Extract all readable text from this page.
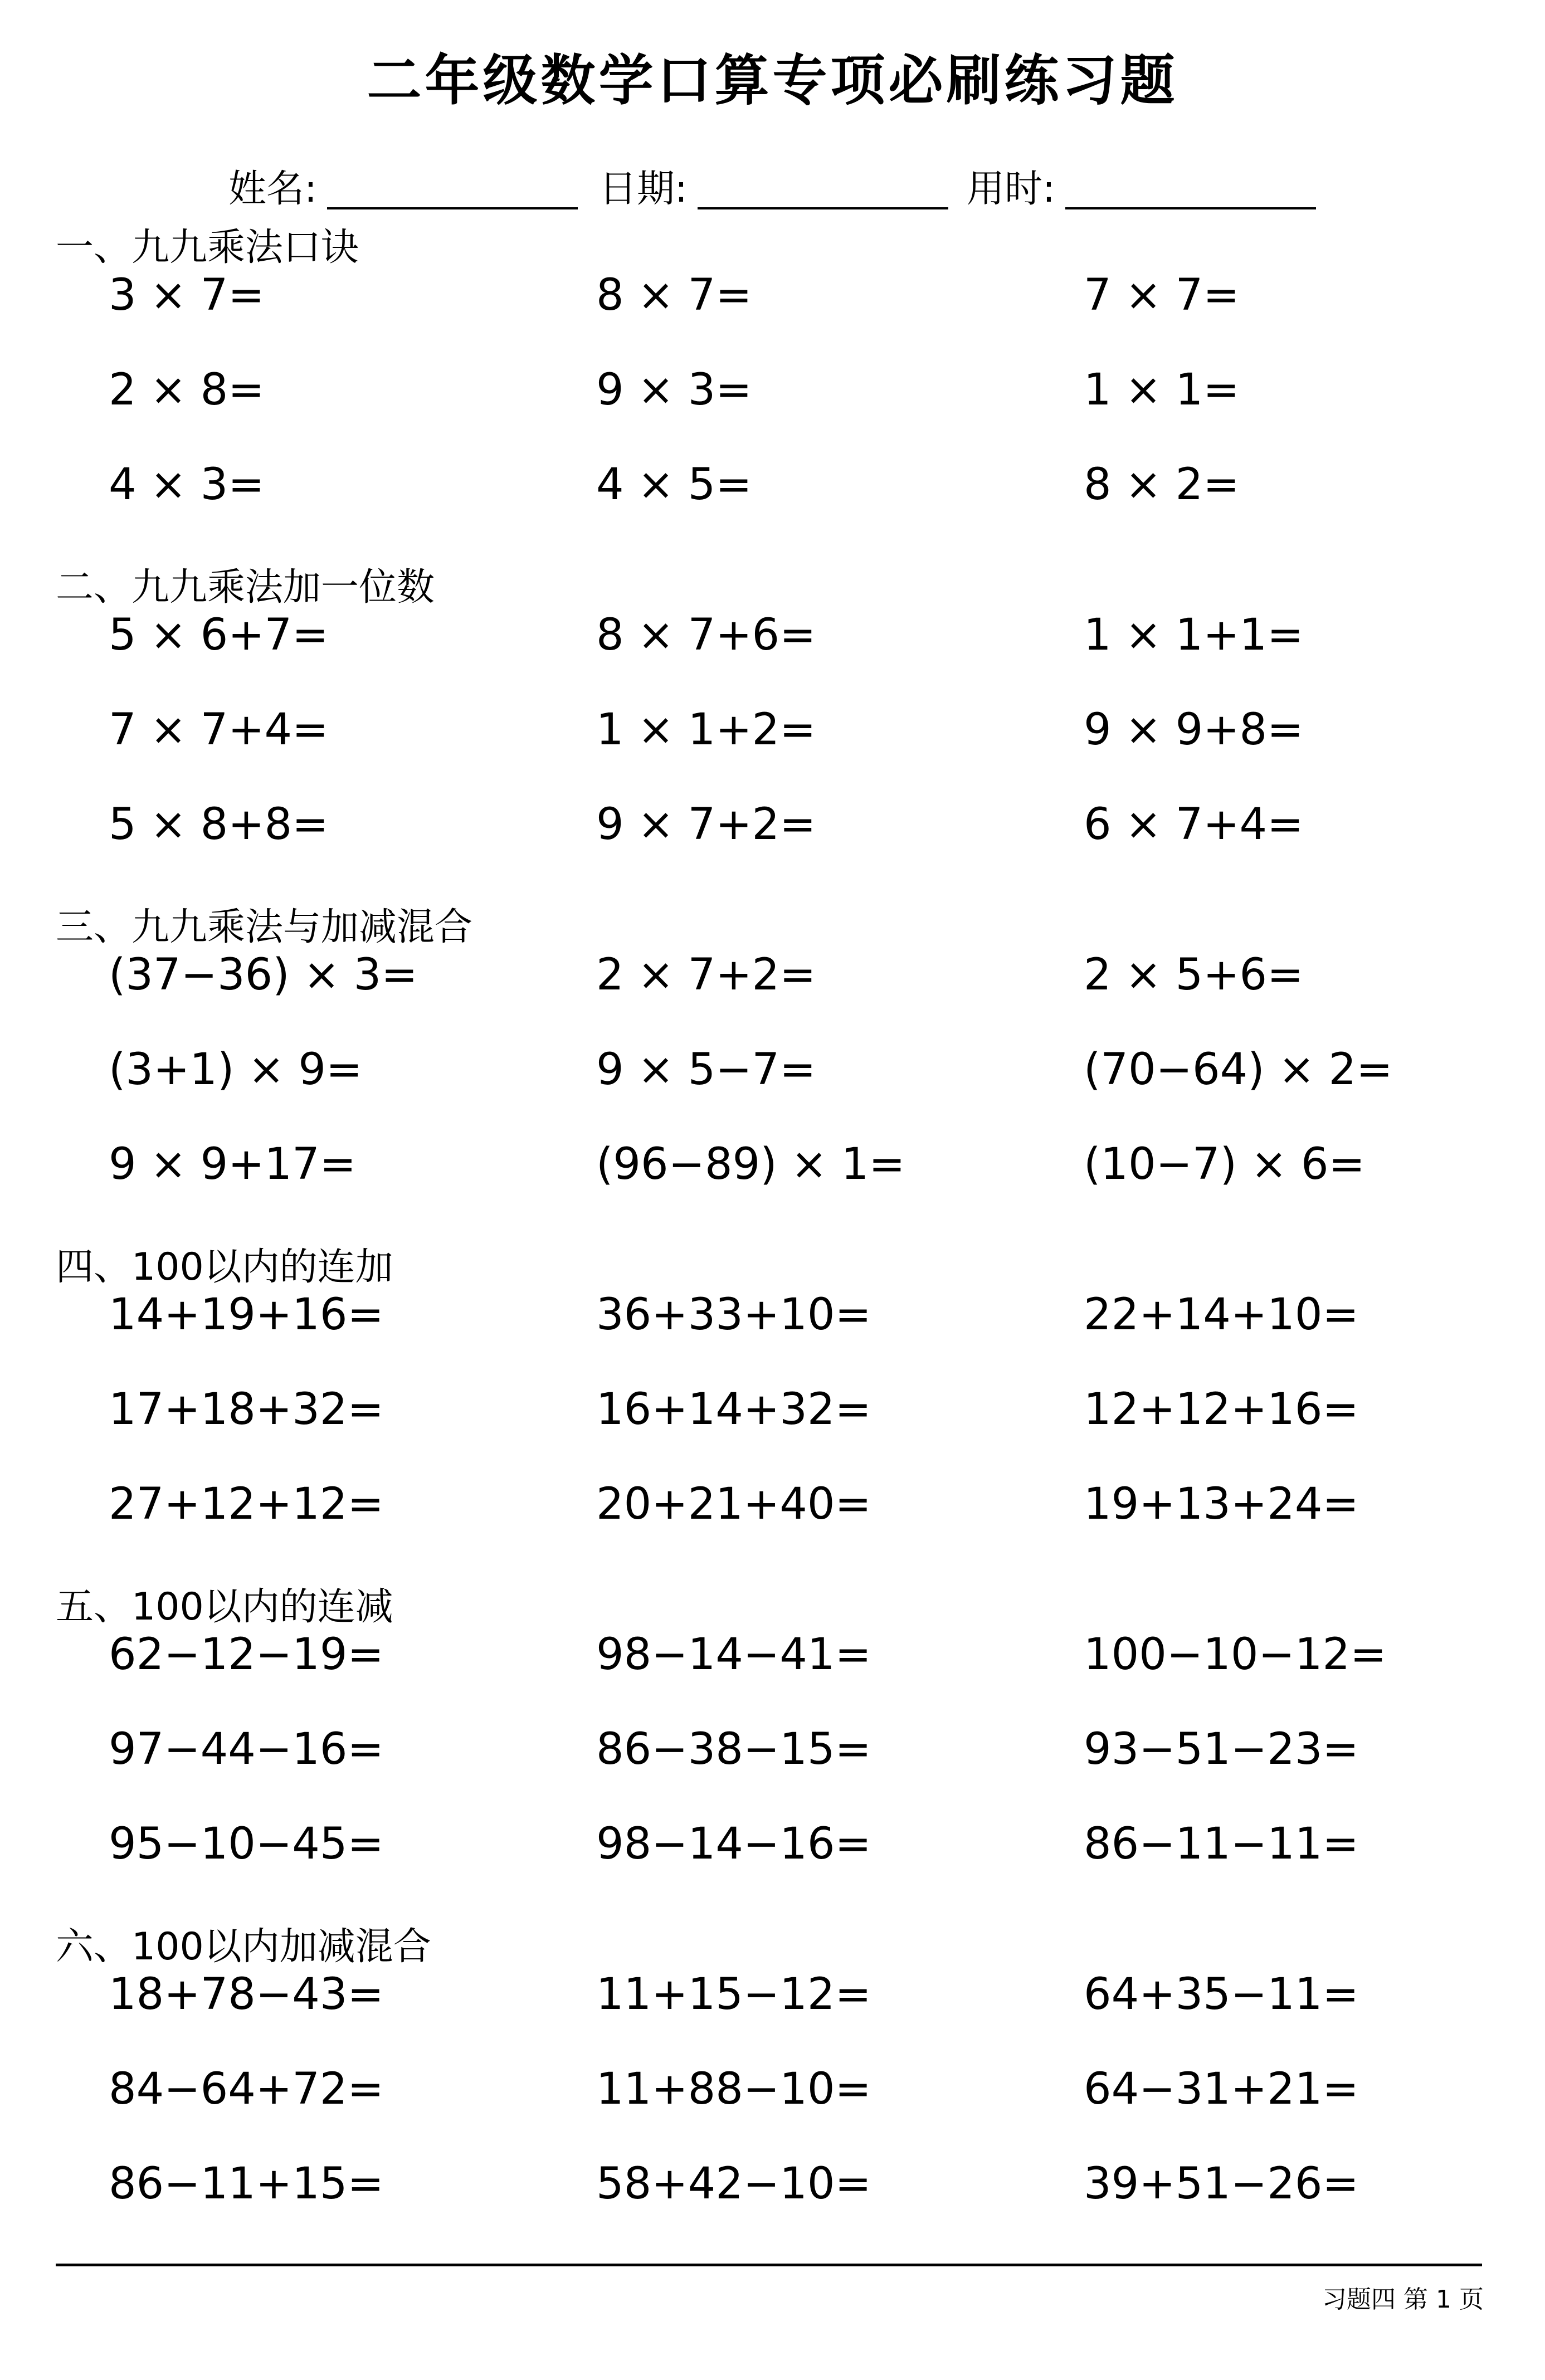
二年级数学口算专项必刷练习题
姓名:	日期:	用时:
一、九九乘法口诀
3 × 7=	8 × 7=	7 × 7=
2 × 8=	9 × 3=	1 × 1=
4 × 3=	4 × 5=	8 × 2=
二、九九乘法加一位数
5 × 6+7=	8 × 7+6=	1 × 1+1=
7 × 7+4=	1 × 1+2=	9 × 9+8=
5 × 8+8=	9 × 7+2=	6 × 7+4=
三、九九乘法与加减混合
(37−36) × 3=	2 × 7+2=	2 × 5+6=
(3+1) × 9=	9 × 5−7=	(70−64) × 2=
9 × 9+17=	(96−89) × 1=	(10−7) × 6=
四、100以内的连加
14+19+16=	36+33+10=	22+14+10=
17+18+32=	16+14+32=	12+12+16=
27+12+12=	20+21+40=	19+13+24=
五、100以内的连减
62−12−19=	98−14−41=	100−10−12=
97−44−16=	86−38−15=	93−51−23=
95−10−45=	98−14−16=	86−11−11=
六、100以内加减混合
18+78−43=	11+15−12=	64+35−11=
84−64+72=	11+88−10=	64−31+21=
86−11+15=	58+42−10=	39+51−26=
习题四 第 1 页
